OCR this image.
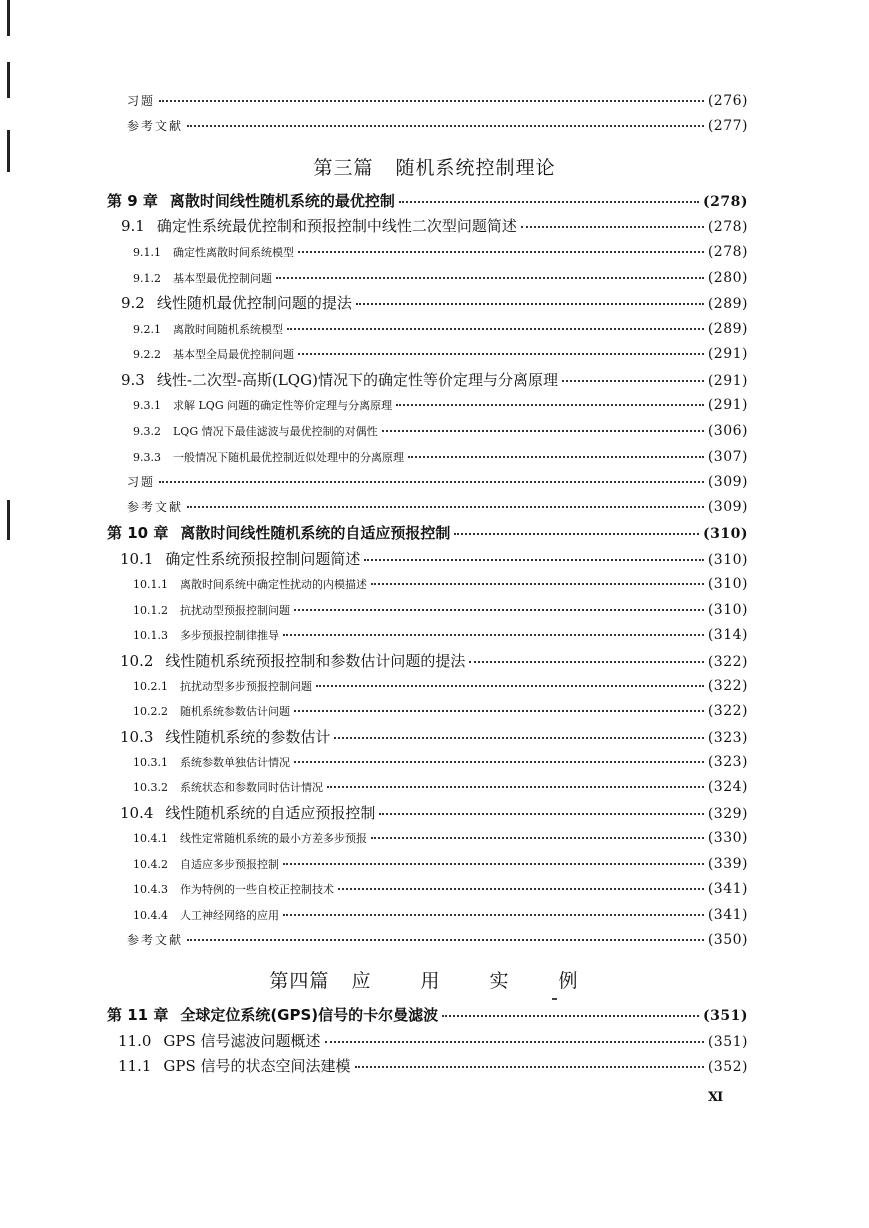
习题	(276)
参考文献	(277)
第 9 章 离散时间线性随机系统的最优控制	(278)
9.1 确定性系统最优控制和预报控制中线性二次型问题简述	(278)
9.1.1 确定性离散时间系统模型	(278)
9.1.2 基本型最优控制问题	(280)
9.2 线性随机最优控制问题的提法	(289)
9.2.1 离散时间随机系统模型	(289)
9.2.2 基本型全局最优控制问题	(291)
9.3 线性-二次型-高斯(LQG)情况下的确定性等价定理与分离原理	(291)
9.3.1 求解 LQG 问题的确定性等价定理与分离原理	(291)
9.3.2 LQG 情况下最佳滤波与最优控制的对偶性	(306)
9.3.3 一般情况下随机最优控制近似处理中的分离原理	(307)
习题	(309)
参考文献	(309)
第 10 章 离散时间线性随机系统的自适应预报控制	(310)
10.1 确定性系统预报控制问题简述	(310)
10.1.1 离散时间系统中确定性扰动的内模描述	(310)
10.1.2 抗扰动型预报控制问题	(310)
10.1.3 多步预报控制律推导	(314)
10.2 线性随机系统预报控制和参数估计问题的提法	(322)
10.2.1 抗扰动型多步预报控制问题	(322)
10.2.2 随机系统参数估计问题	(322)
10.3 线性随机系统的参数估计	(323)
10.3.1 系统参数单独估计情况	(323)
10.3.2 系统状态和参数同时估计情况	(324)
10.4 线性随机系统的自适应预报控制	(329)
10.4.1 线性定常随机系统的最小方差多步预报	(330)
10.4.2 自适应多步预报控制	(339)
10.4.3 作为特例的一些自校正控制技术	(341)
10.4.4 人工神经网络的应用	(341)
参考文献	(350)
第 11 章 全球定位系统(GPS)信号的卡尔曼滤波	(351)
11.0 GPS 信号滤波问题概述	(351)
11.1 GPS 信号的状态空间法建模	(352)
第三篇 随机系统控制理论
第四篇 应 用 实 例
XI
